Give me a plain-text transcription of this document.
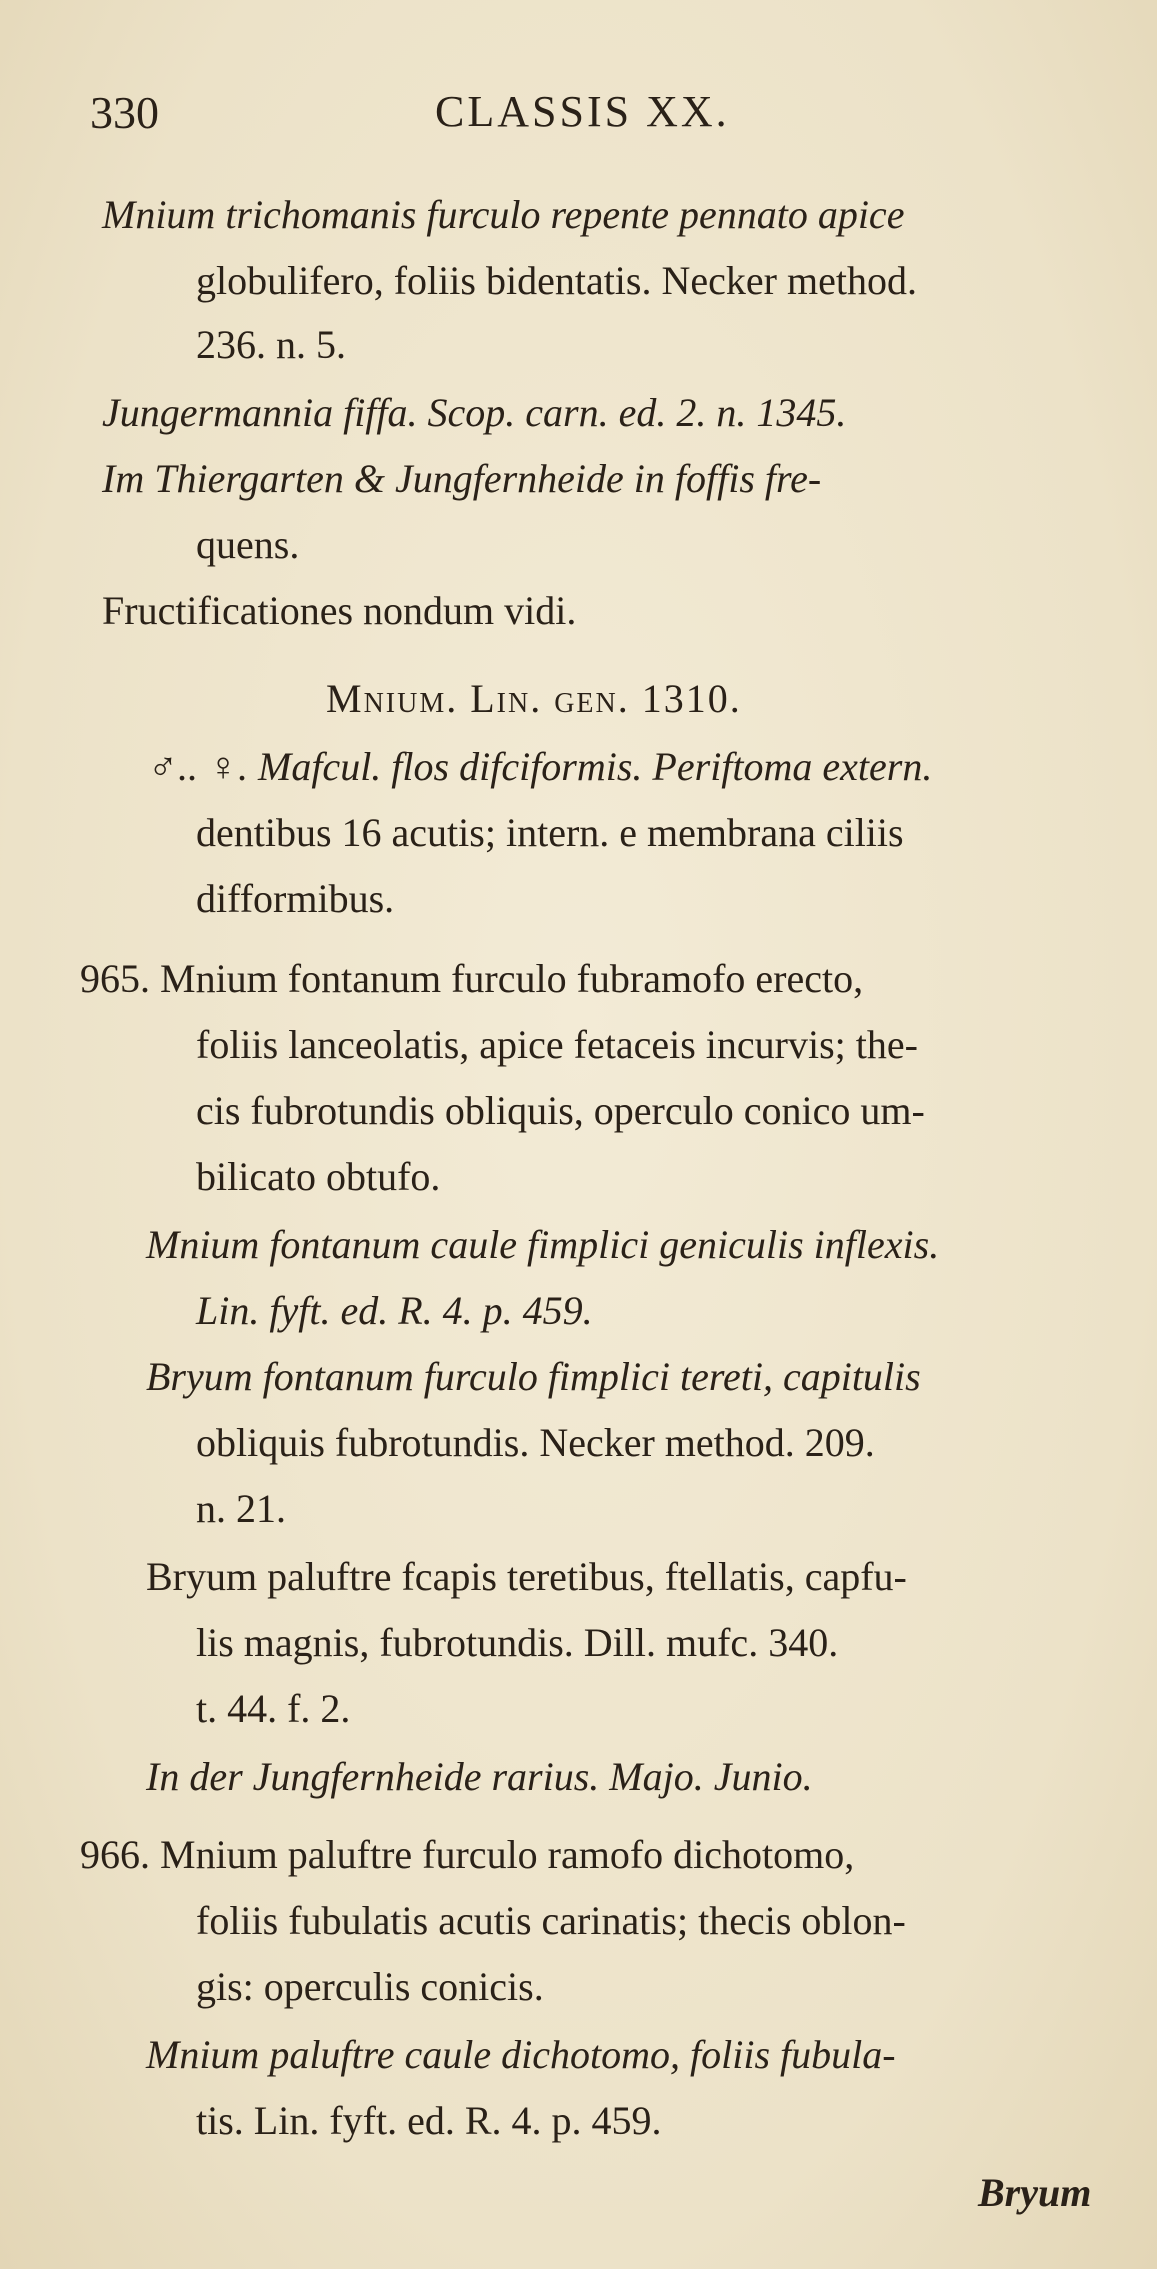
330	CLASSIS XX.
Mnium trichomanis furculo repente pennato apice
globulifero, foliis bidentatis. Necker method.
236. n. 5.
Jungermannia fiffa. Scop. carn. ed. 2. n. 1345.
Im Thiergarten & Jungfernheide in foffis fre-
quens.
Fructificationes nondum vidi.
Mnium. Lin. gen. 1310.
♂.. ♀. Mafcul. flos difciformis. Periftoma extern.
dentibus 16 acutis; intern. e membrana ciliis
difformibus.
965. Mnium fontanum furculo fubramofo erecto,
foliis lanceolatis, apice fetaceis incurvis; the-
cis fubrotundis obliquis, operculo conico um-
bilicato obtufo.
Mnium fontanum caule fimplici geniculis inflexis.
Lin. fyft. ed. R. 4. p. 459.
Bryum fontanum furculo fimplici tereti, capitulis
obliquis fubrotundis. Necker method. 209.
n. 21.
Bryum paluftre fcapis teretibus, ftellatis, capfu-
lis magnis, fubrotundis. Dill. mufc. 340.
t. 44. f. 2.
In der Jungfernheide rarius. Majo. Junio.
966. Mnium paluftre furculo ramofo dichotomo,
foliis fubulatis acutis carinatis; thecis oblon-
gis: operculis conicis.
Mnium paluftre caule dichotomo, foliis fubula-
tis. Lin. fyft. ed. R. 4. p. 459.
Bryum
